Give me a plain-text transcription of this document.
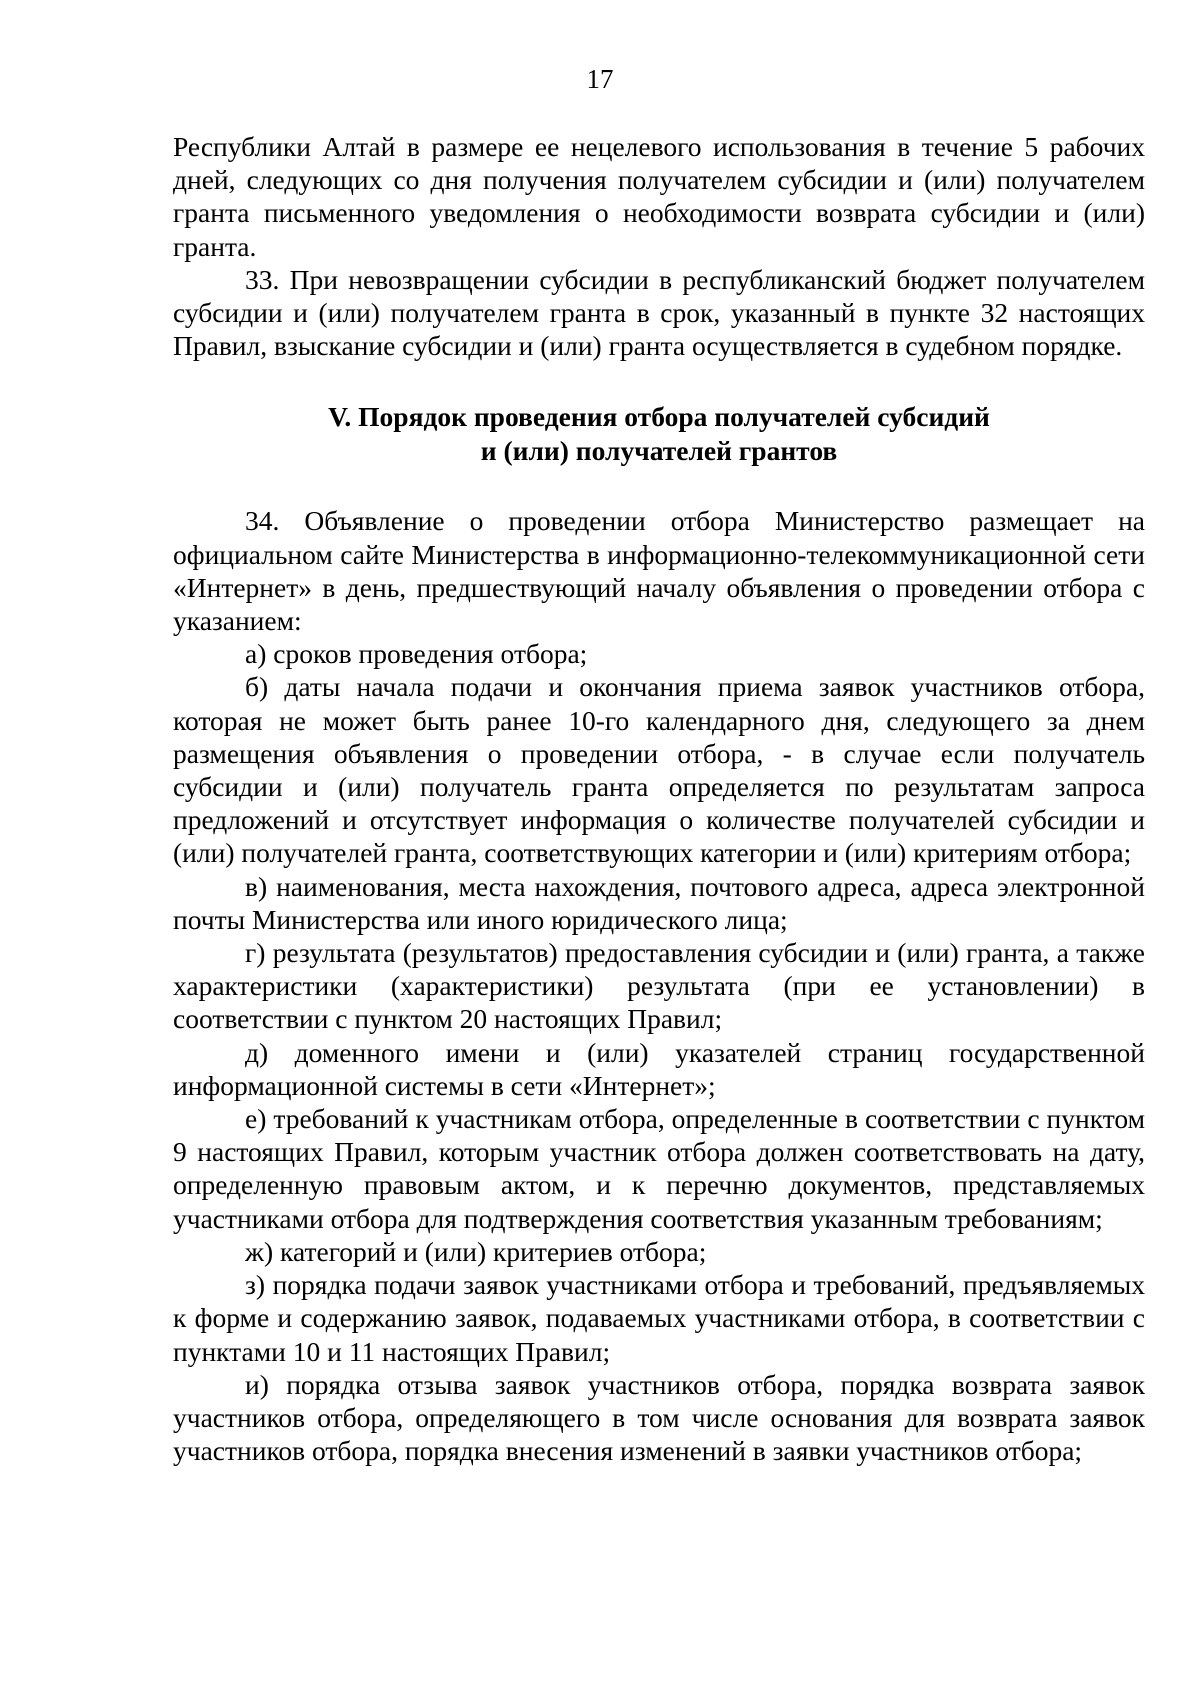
17

Республики Алтай в размере ее нецелевого использования в течение 5 рабочих дней, следующих со дня получения получателем субсидии и (или) получателем гранта письменного уведомления о необходимости возврата субсидии и (или) гранта.

33. При невозвращении субсидии в республиканский бюджет получателем субсидии и (или) получателем гранта в срок, указанный в пункте 32 настоящих Правил, взыскание субсидии и (или) гранта осуществляется в судебном порядке.

V. Порядок проведения отбора получателей субсидий
и (или) получателей грантов

34. Объявление о проведении отбора Министерство размещает на официальном сайте Министерства в информационно-телекоммуникационной сети «Интернет» в день, предшествующий началу объявления о проведении отбора с указанием:

а) сроков проведения отбора;

б) даты начала подачи и окончания приема заявок участников отбора, которая не может быть ранее 10-го календарного дня, следующего за днем размещения объявления о проведении отбора, - в случае если получатель субсидии и (или) получатель гранта определяется по результатам запроса предложений и отсутствует информация о количестве получателей субсидии и (или) получателей гранта, соответствующих категории и (или) критериям отбора;

в) наименования, места нахождения, почтового адреса, адреса электронной почты Министерства или иного юридического лица;

г) результата (результатов) предоставления субсидии и (или) гранта, а также характеристики (характеристики) результата (при ее установлении) в соответствии с пунктом 20 настоящих Правил;

д) доменного имени и (или) указателей страниц государственной информационной системы в сети «Интернет»;

е) требований к участникам отбора, определенные в соответствии с пунктом 9 настоящих Правил, которым участник отбора должен соответствовать на дату, определенную правовым актом, и к перечню документов, представляемых участниками отбора для подтверждения соответствия указанным требованиям;

ж) категорий и (или) критериев отбора;

з) порядка подачи заявок участниками отбора и требований, предъявляемых к форме и содержанию заявок, подаваемых участниками отбора, в соответствии с пунктами 10 и 11 настоящих Правил;

и) порядка отзыва заявок участников отбора, порядка возврата заявок участников отбора, определяющего в том числе основания для возврата заявок участников отбора, порядка внесения изменений в заявки участников отбора;
